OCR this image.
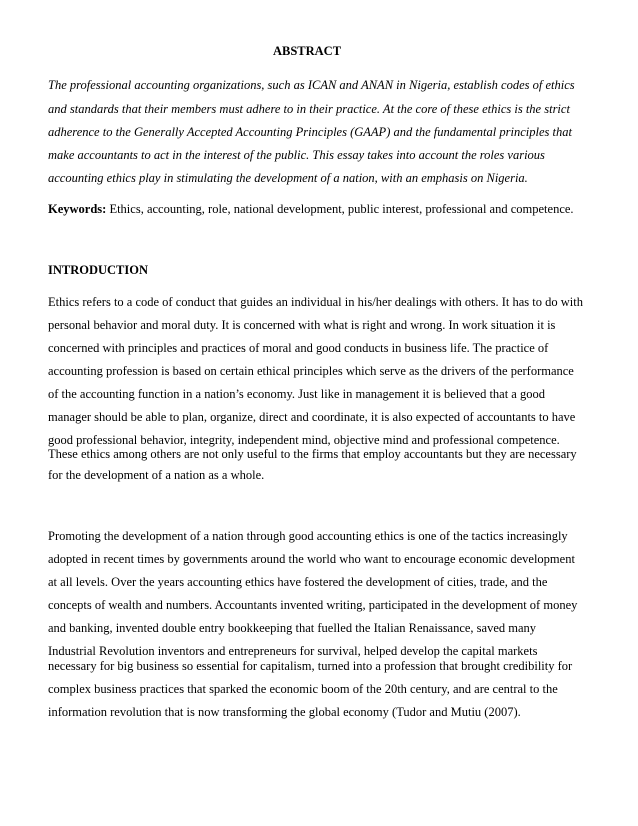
ABSTRACT
The professional accounting organizations, such as ICAN and ANAN in Nigeria, establish codes of ethics
and standards that their members must adhere to in their practice. At the core of these ethics is the strict
adherence to the Generally Accepted Accounting Principles (GAAP) and the fundamental principles that
make accountants to act in the interest of the public. This essay takes into account the roles various
accounting ethics play in stimulating the development of a nation, with an emphasis on Nigeria.
Keywords: Ethics, accounting, role, national development, public interest, professional and competence.
INTRODUCTION
Ethics refers to a code of conduct that guides an individual in his/her dealings with others. It has to do with
personal behavior and moral duty. It is concerned with what is right and wrong. In work situation it is
concerned with principles and practices of moral and good conducts in business life. The practice of
accounting profession is based on certain ethical principles which serve as the drivers of the performance
of the accounting function in a nation’s economy. Just like in management it is believed that a good
manager should be able to plan, organize, direct and coordinate, it is also expected of accountants to have
good professional behavior, integrity, independent mind, objective mind and professional competence.
These ethics among others are not only useful to the firms that employ accountants but they are necessary
for the development of a nation as a whole.
Promoting the development of a nation through good accounting ethics is one of the tactics increasingly
adopted in recent times by governments around the world who want to encourage economic development
at all levels. Over the years accounting ethics have fostered the development of cities, trade, and the
concepts of wealth and numbers. Accountants invented writing, participated in the development of money
and banking, invented double entry bookkeeping that fuelled the Italian Renaissance, saved many
Industrial Revolution inventors and entrepreneurs for survival, helped develop the capital markets
necessary for big business so essential for capitalism, turned into a profession that brought credibility for
complex business practices that sparked the economic boom of the 20th century, and are central to the
information revolution that is now transforming the global economy (Tudor and Mutiu (2007).
